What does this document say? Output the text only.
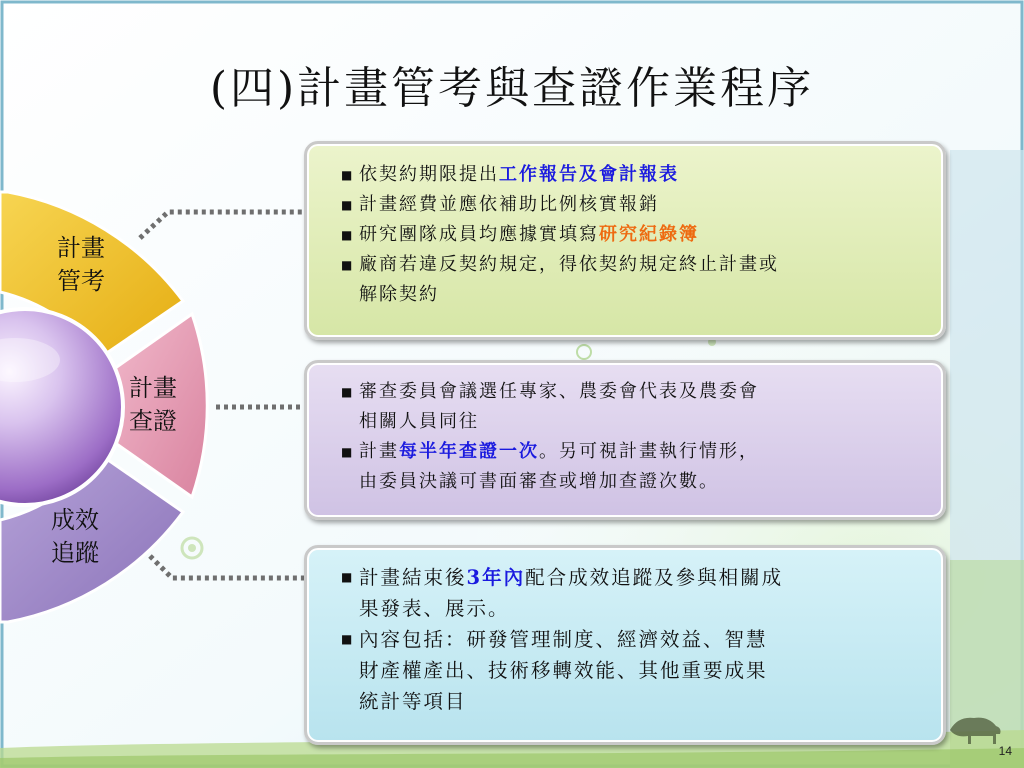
(四)計畫管考與查證作業程序
計畫
管考
計畫
查證
成效
追蹤
■ 依契約期限提出工作報告及會計報表
■ 計畫經費並應依補助比例核實報銷
■ 研究團隊成員均應據實填寫研究紀錄簿
■ 廠商若違反契約規定，得依契約規定終止計畫或
解除契約
■ 審查委員會議選任專家、農委會代表及農委會
相關人員同往
■ 計畫每半年查證一次。另可視計畫執行情形，
由委員決議可書面審查或增加查證次數。
■ 計畫結束後3年內配合成效追蹤及參與相關成
果發表、展示。
■ 內容包括：研發管理制度、經濟效益、智慧
財產權產出、技術移轉效能、其他重要成果
統計等項目
14
